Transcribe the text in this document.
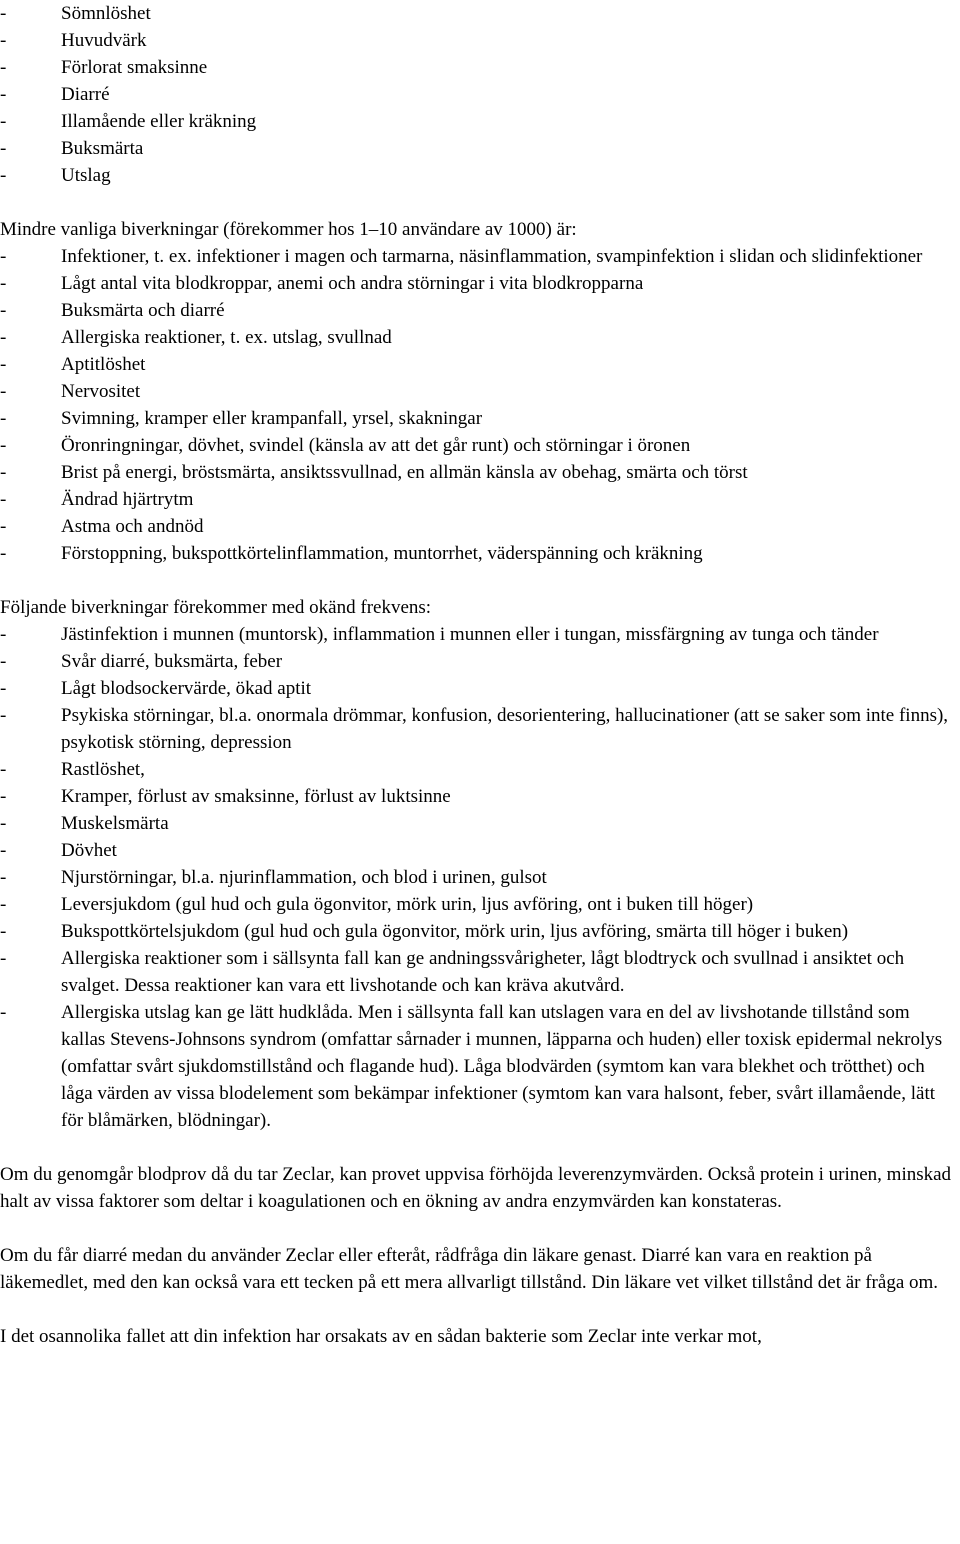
-	Sömnlöshet
-	Huvudvärk
-	Förlorat smaksinne
-	Diarré
-	Illamående eller kräkning
-	Buksmärta
-	Utslag

Mindre vanliga biverkningar (förekommer hos 1–10 användare av 1000) är:

-	Infektioner, t. ex. infektioner i magen och tarmarna, näsinflammation, svampinfektion i slidan och slidinfektioner
-	Lågt antal vita blodkroppar, anemi och andra störningar i vita blodkropparna
-	Buksmärta och diarré
-	Allergiska reaktioner, t. ex. utslag, svullnad
-	Aptitlöshet
-	Nervositet
-	Svimning, kramper eller krampanfall, yrsel, skakningar
-	Öronringningar, dövhet, svindel (känsla av att det går runt) och störningar i öronen
-	Brist på energi, bröstsmärta, ansiktssvullnad, en allmän känsla av obehag, smärta och törst
-	Ändrad hjärtrytm
-	Astma och andnöd
-	Förstoppning, bukspottkörtelinflammation, muntorrhet, väderspänning och kräkning

Följande biverkningar förekommer med okänd frekvens:

-	Jästinfektion i munnen (muntorsk), inflammation i munnen eller i tungan, missfärgning av tunga och tänder
-	Svår diarré, buksmärta, feber
-	Lågt blodsockervärde, ökad aptit
-	Psykiska störningar, bl.a. onormala drömmar, konfusion, desorientering, hallucinationer (att se saker som inte finns), psykotisk störning, depression
-	Rastlöshet,
-	Kramper, förlust av smaksinne, förlust av luktsinne
-	Muskelsmärta
-	Dövhet
-	Njurstörningar, bl.a. njurinflammation, och blod i urinen, gulsot
-	Leversjukdom (gul hud och gula ögonvitor, mörk urin, ljus avföring, ont i buken till höger)
-	Bukspottkörtelsjukdom (gul hud och gula ögonvitor, mörk urin, ljus avföring, smärta till höger i buken)
-	Allergiska reaktioner som i sällsynta fall kan ge andningssvårigheter, lågt blodtryck och svullnad i ansiktet och svalget. Dessa reaktioner kan vara ett livshotande och kan kräva akutvård.
-	Allergiska utslag kan ge lätt hudklåda. Men i sällsynta fall kan utslagen vara en del av livshotande tillstånd som kallas Stevens-Johnsons syndrom (omfattar sårnader i munnen, läpparna och huden) eller toxisk epidermal nekrolys (omfattar svårt sjukdomstillstånd och flagande hud). Låga blodvärden (symtom kan vara blekhet och trötthet) och låga värden av vissa blodelement som bekämpar infektioner (symtom kan vara halsont, feber, svårt illamående, lätt för blåmärken, blödningar).

Om du genomgår blodprov då du tar Zeclar, kan provet uppvisa förhöjda leverenzymvärden. Också protein i urinen, minskad halt av vissa faktorer som deltar i koagulationen och en ökning av andra enzymvärden kan konstateras.

Om du får diarré medan du använder Zeclar eller efteråt, rådfråga din läkare genast. Diarré kan vara en reaktion på läkemedlet, med den kan också vara ett tecken på ett mera allvarligt tillstånd. Din läkare vet vilket tillstånd det är fråga om.

I det osannolika fallet att din infektion har orsakats av en sådan bakterie som Zeclar inte verkar mot,
